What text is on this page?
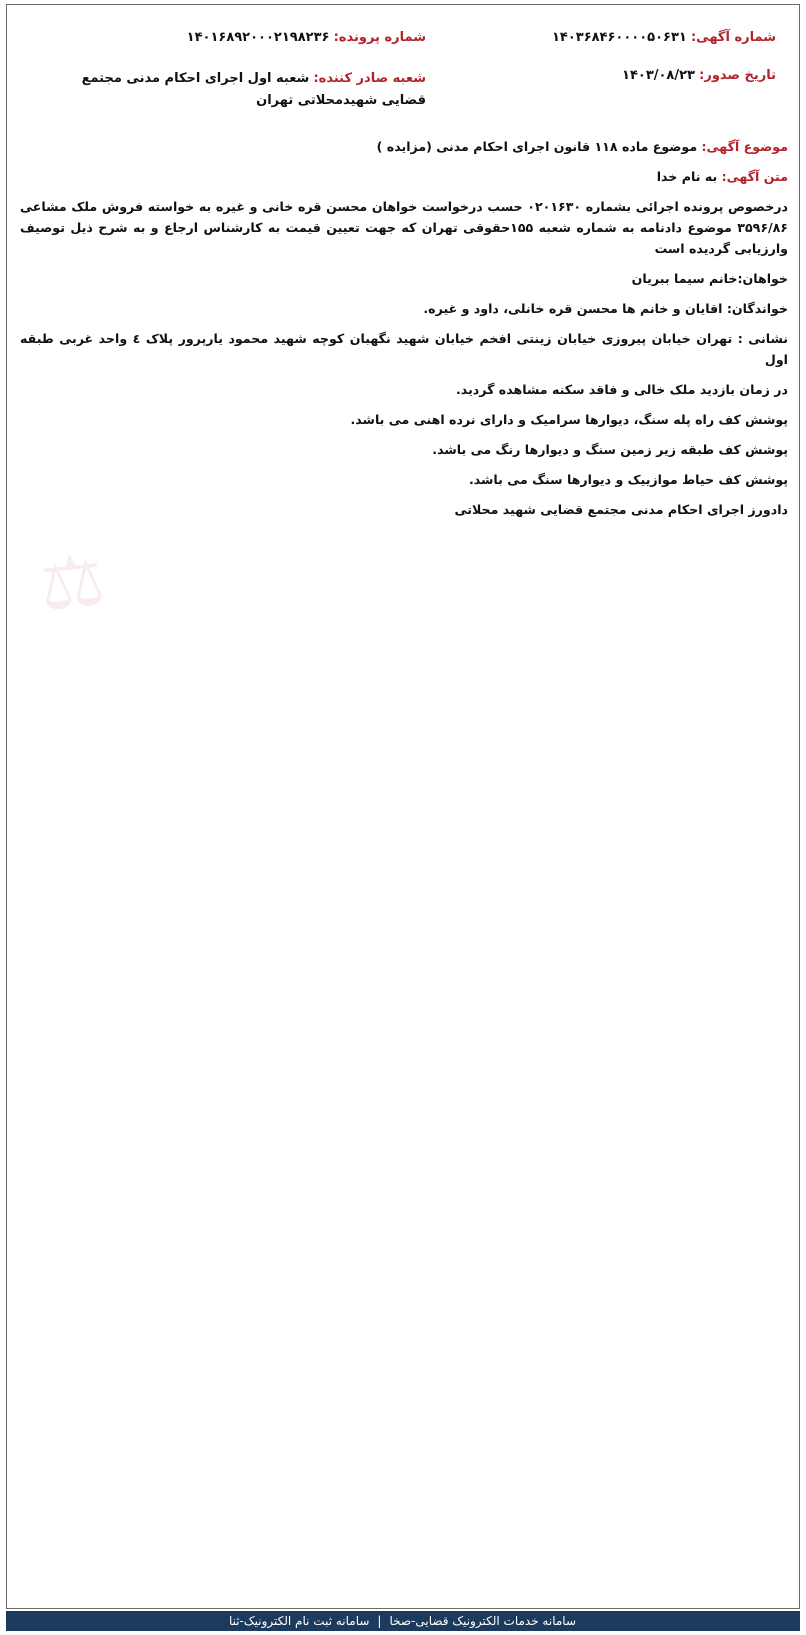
⚖
شماره آگهی: ۱۴۰۳۶۸۴۶۰۰۰۰۵۰۶۳۱
شماره پرونده: ۱۴۰۱۶۸۹۲۰۰۰۲۱۹۸۲۳۶
تاریخ صدور: ۱۴۰۳/۰۸/۲۳
شعبه صادر کننده: شعبه اول اجرای احکام مدنی مجتمع قضایی شهیدمحلاتی تهران

موضوع آگهی: موضوع ماده ۱۱۸ قانون اجرای احکام مدنی (مزایده )

متن آگهی: به نام خدا

درخصوص پرونده اجرائی بشماره ۰۲۰۱۶۳۰ حسب درخواست خواهان محسن قره خانی و غیره به خواسته فروش ملک مشاعی ۳۵۹۶/۸۶ موضوع دادنامه به شماره شعبه ۱۵۵حقوقی تهران که جهت تعیین قیمت به کارشناس ارجاع و به شرح ذیل توصیف وارزیابی گردیده است

خواهان:خانم سیما ببریان

خواندگان: اقایان و خانم ها محسن قره خانلی، داود و غیره.

نشانی : تهران خیابان پیروزی خیابان زینتی افخم خیابان شهید نگهبان کوچه شهید محمود یارپرور پلاک ٤ واحد غربی طبقه اول

در زمان بازدید ملک خالی و فاقد سکنه مشاهده گردید.

پوشش کف راه پله سنگ، دیوارها سرامیک و دارای نرده اهنی می باشد.

پوشش کف طبقه زیر زمین سنگ و دیوارها رنگ می باشد.

پوشش کف حیاط موازییک و دیوارها سنگ می باشد.

دادورز اجرای احکام مدنی مجتمع قضایی شهید محلاتی

سامانه خدمات الکترونیک قضایی-صخا
|
سامانه ثبت نام الکترونیک-ثنا
